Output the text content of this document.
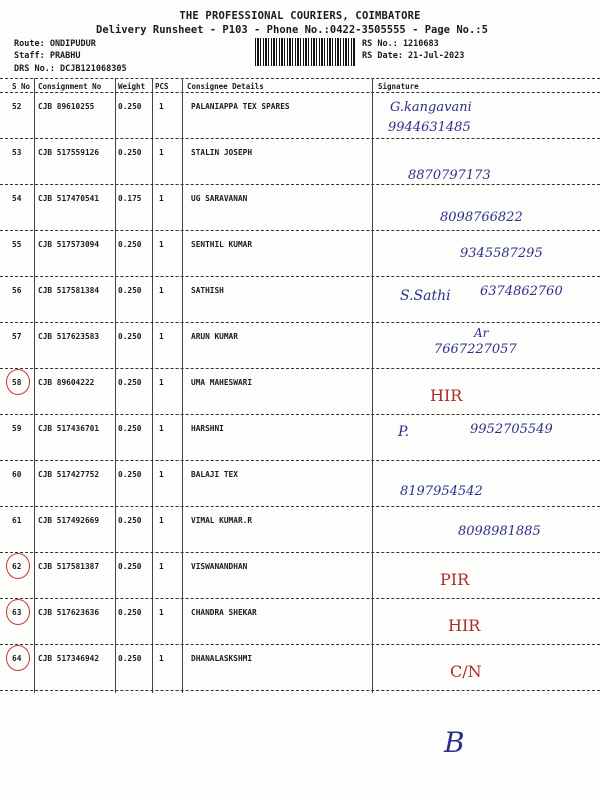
THE PROFESSIONAL COURIERS, COIMBATORE
Delivery Runsheet - P103 - Phone No.:0422-3505555 - Page No.:5
Route: ONDIPUDUR
Staff: PRABHU
DRS No.: DCJB121068305
RS No.: 1210683
RS Date: 21-Jul-2023
S No Consignment No Weight PCS Consignee Details	Signature
52 CJB 89610255	0.250 1	PALANIAPPA TEX SPARES	G.kangavani
9944631485
53 CJB 517559126 0.250 1	STALIN JOSEPH
8870797173
54 CJB 517470541 0.175 1	UG SARAVANAN
8098766822
55 CJB 517573094 0.250 1	SENTHIL KUMAR
9345587295
56 CJB 517581384 0.250 1	SATHISH	S.Sathi 6374862760
57 CJB 517623583 0.250 1	ARUN KUMAR	Ar
7667227057
58 CJB 89604222	0.250 1	UMA MAHESWARI
HIR
59 CJB 517436701 0.250 1	HARSHNI	P.	9952705549
60 CJB 517427752 0.250 1	BALAJI TEX
8197954542
61 CJB 517492669 0.250 1	VIMAL KUMAR.R
8098981885
62 CJB 517581387 0.250 1	VISWANANDHAN
PIR
63 CJB 517623636 0.250 1	CHANDRA SHEKAR
HIR
64 CJB 517346942 0.250 1	DHANALASKSHMI
C/N
B
